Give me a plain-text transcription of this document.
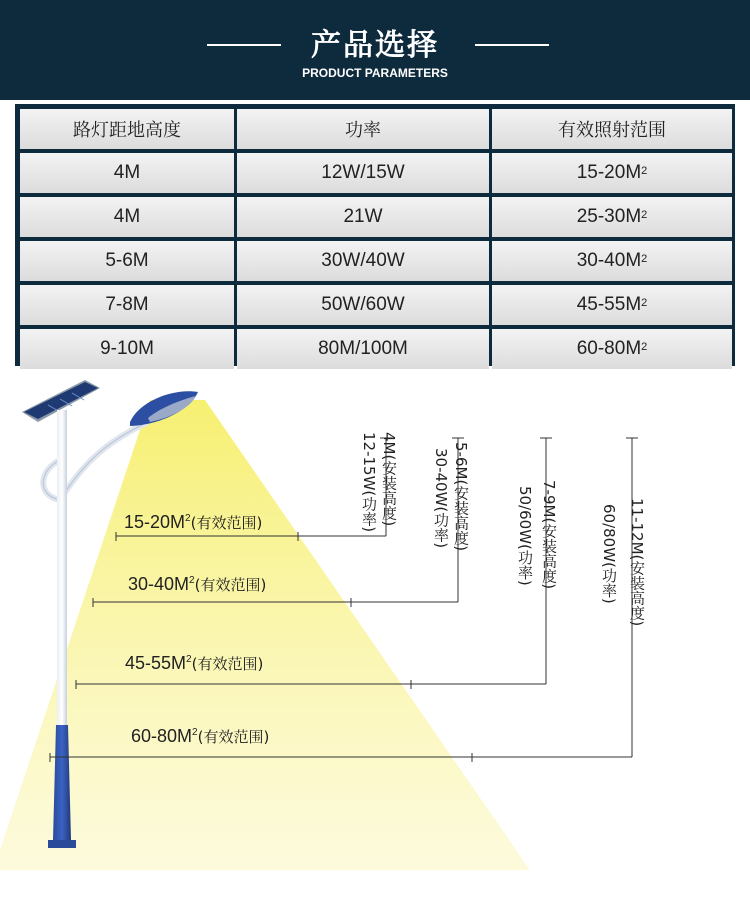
产品选择
PRODUCT PARAMETERS
路灯距地高度	功率	有效照射范围
4M	12W/15W	$15-20M^2$
4M	21W	$25-30M^2$
5-6M	30W/40W	$30-40M^2$
7-8M	50W/60W	$45-55M^2$
9-10M	80M/100M	$60-80M^2$
$15-20M^2$(有效范围)
$30-40M^2$(有效范围)
$45-55M^2$(有效范围)
$60-80M^2$(有效范围)
4M(安装高度)
12-15W(功率)	5-6M(安装高度)
30-40W(功率)	7-9M(安装高度)
50/60W(功率)	11-12M(安装高度)
60/80W(功率)
